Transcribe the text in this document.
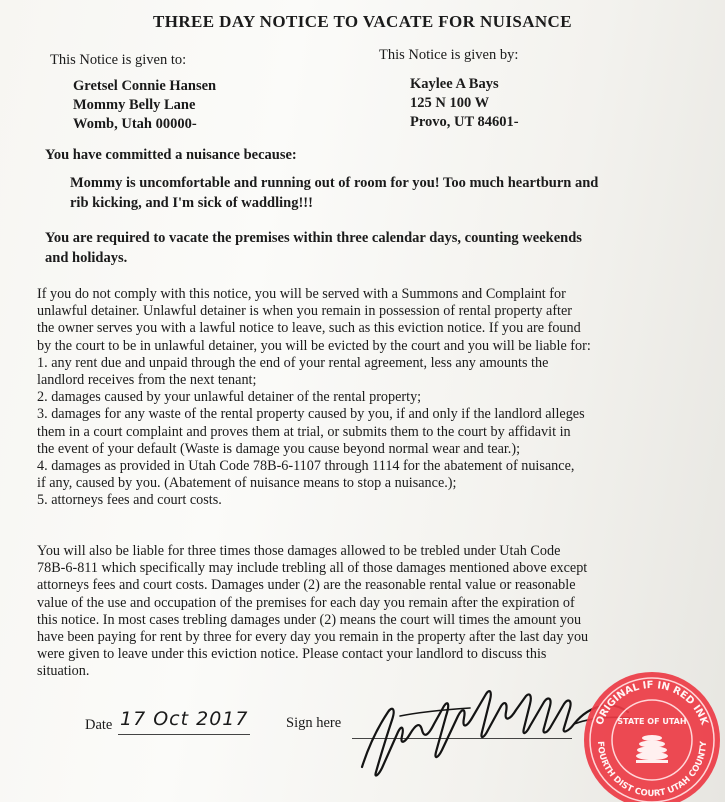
THREE DAY NOTICE TO VACATE FOR NUISANCE
This Notice is given to:
Gretsel Connie Hansen
Mommy Belly Lane
Womb, Utah 00000-
This Notice is given by:
Kaylee A Bays
125 N 100 W
Provo, UT 84601-
You have committed a nuisance because:
Mommy is uncomfortable and running out of room for you! Too much heartburn and
rib kicking, and I'm sick of waddling!!!
You are required to vacate the premises within three calendar days, counting weekends
and holidays.
If you do not comply with this notice, you will be served with a Summons and Complaint for
unlawful detainer. Unlawful detainer is when you remain in possession of rental property after
the owner serves you with a lawful notice to leave, such as this eviction notice. If you are found
by the court to be in unlawful detainer, you will be evicted by the court and you will be liable for:
1. any rent due and unpaid through the end of your rental agreement, less any amounts the
landlord receives from the next tenant;
2. damages caused by your unlawful detainer of the rental property;
3. damages for any waste of the rental property caused by you, if and only if the landlord alleges
them in a court complaint and proves them at trial, or submits them to the court by affidavit in
the event of your default (Waste is damage you cause beyond normal wear and tear.);
4. damages as provided in Utah Code 78B-6-1107 through 1114 for the abatement of nuisance,
if any, caused by you. (Abatement of nuisance means to stop a nuisance.);
5. attorneys fees and court costs.
You will also be liable for three times those damages allowed to be trebled under Utah Code
78B-6-811 which specifically may include trebling all of those damages mentioned above except
attorneys fees and court costs. Damages under (2) are the reasonable rental value or reasonable
value of the use and occupation of the premises for each day you remain after the expiration of
this notice. In most cases trebling damages under (2) means the court will times the amount you
have been paying for rent by three for every day you remain in the property after the last day you
were given to leave under this eviction notice. Please contact your landlord to discuss this
situation.
Date 17 Oct 2017	Sign here	ORIGINAL IF IN RED INK
FOURTH DIST COURT UTAH COUNTY
STATE OF UTAH
